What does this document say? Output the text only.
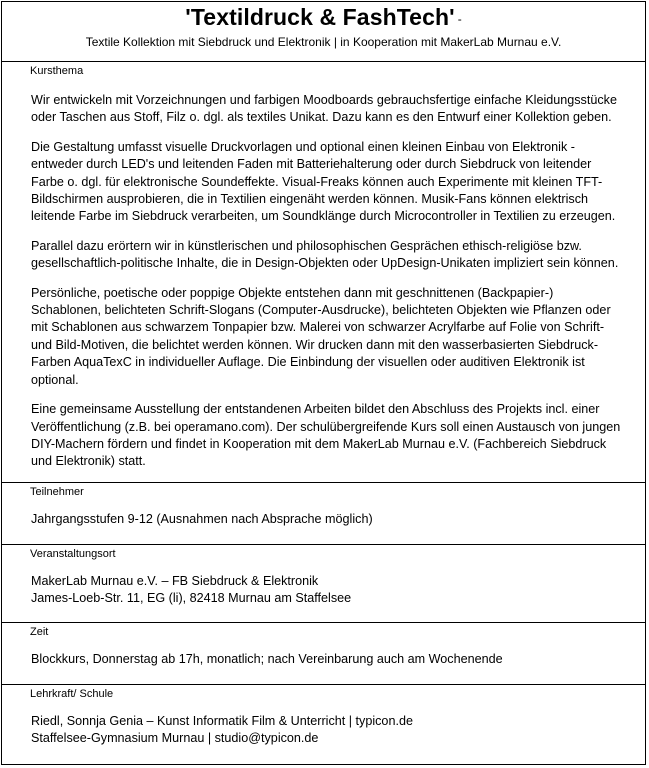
'Textildruck & FashTech' -
Textile Kollektion mit Siebdruck und Elektronik | in Kooperation mit MakerLab Murnau e.V.
Kursthema

Wir entwickeln mit Vorzeichnungen und farbigen Moodboards gebrauchsfertige einfache Kleidungsstücke
oder Taschen aus Stoff, Filz o. dgl. als textiles Unikat. Dazu kann es den Entwurf einer Kollektion geben.

Die Gestaltung umfasst visuelle Druckvorlagen und optional einen kleinen Einbau von Elektronik -
entweder durch LED's und leitenden Faden mit Batteriehalterung oder durch Siebdruck von leitender
Farbe o. dgl. für elektronische Soundeffekte. Visual-Freaks können auch Experimente mit kleinen TFT-
Bildschirmen ausprobieren, die in Textilien eingenäht werden können. Musik-Fans können elektrisch
leitende Farbe im Siebdruck verarbeiten, um Soundklänge durch Microcontroller in Textilien zu erzeugen.

Parallel dazu erörtern wir in künstlerischen und philosophischen Gesprächen ethisch-religiöse bzw.
gesellschaftlich-politische Inhalte, die in Design-Objekten oder UpDesign-Unikaten impliziert sein können.

Persönliche, poetische oder poppige Objekte entstehen dann mit geschnittenen (Backpapier-)
Schablonen, belichteten Schrift-Slogans (Computer-Ausdrucke), belichteten Objekten wie Pflanzen oder
mit Schablonen aus schwarzem Tonpapier bzw. Malerei von schwarzer Acrylfarbe auf Folie von Schrift-
und Bild-Motiven, die belichtet werden können. Wir drucken dann mit den wasserbasierten Siebdruck-
Farben AquaTexC in individueller Auflage. Die Einbindung der visuellen oder auditiven Elektronik ist
optional.

Eine gemeinsame Ausstellung der entstandenen Arbeiten bildet den Abschluss des Projekts incl. einer
Veröffentlichung (z.B. bei operamano.com). Der schulübergreifende Kurs soll einen Austausch von jungen
DIY-Machern fördern und findet in Kooperation mit dem MakerLab Murnau e.V. (Fachbereich Siebdruck
und Elektronik) statt.

Teilnehmer
Jahrgangsstufen 9-12 (Ausnahmen nach Absprache möglich)
Veranstaltungsort
MakerLab Murnau e.V. – FB Siebdruck & Elektronik
James-Loeb-Str. 11, EG (li), 82418 Murnau am Staffelsee
Zeit
Blockkurs, Donnerstag ab 17h, monatlich; nach Vereinbarung auch am Wochenende
Lehrkraft/ Schule
Riedl, Sonnja Genia – Kunst Informatik Film & Unterricht | typicon.de
Staffelsee-Gymnasium Murnau | studio@typicon.de
